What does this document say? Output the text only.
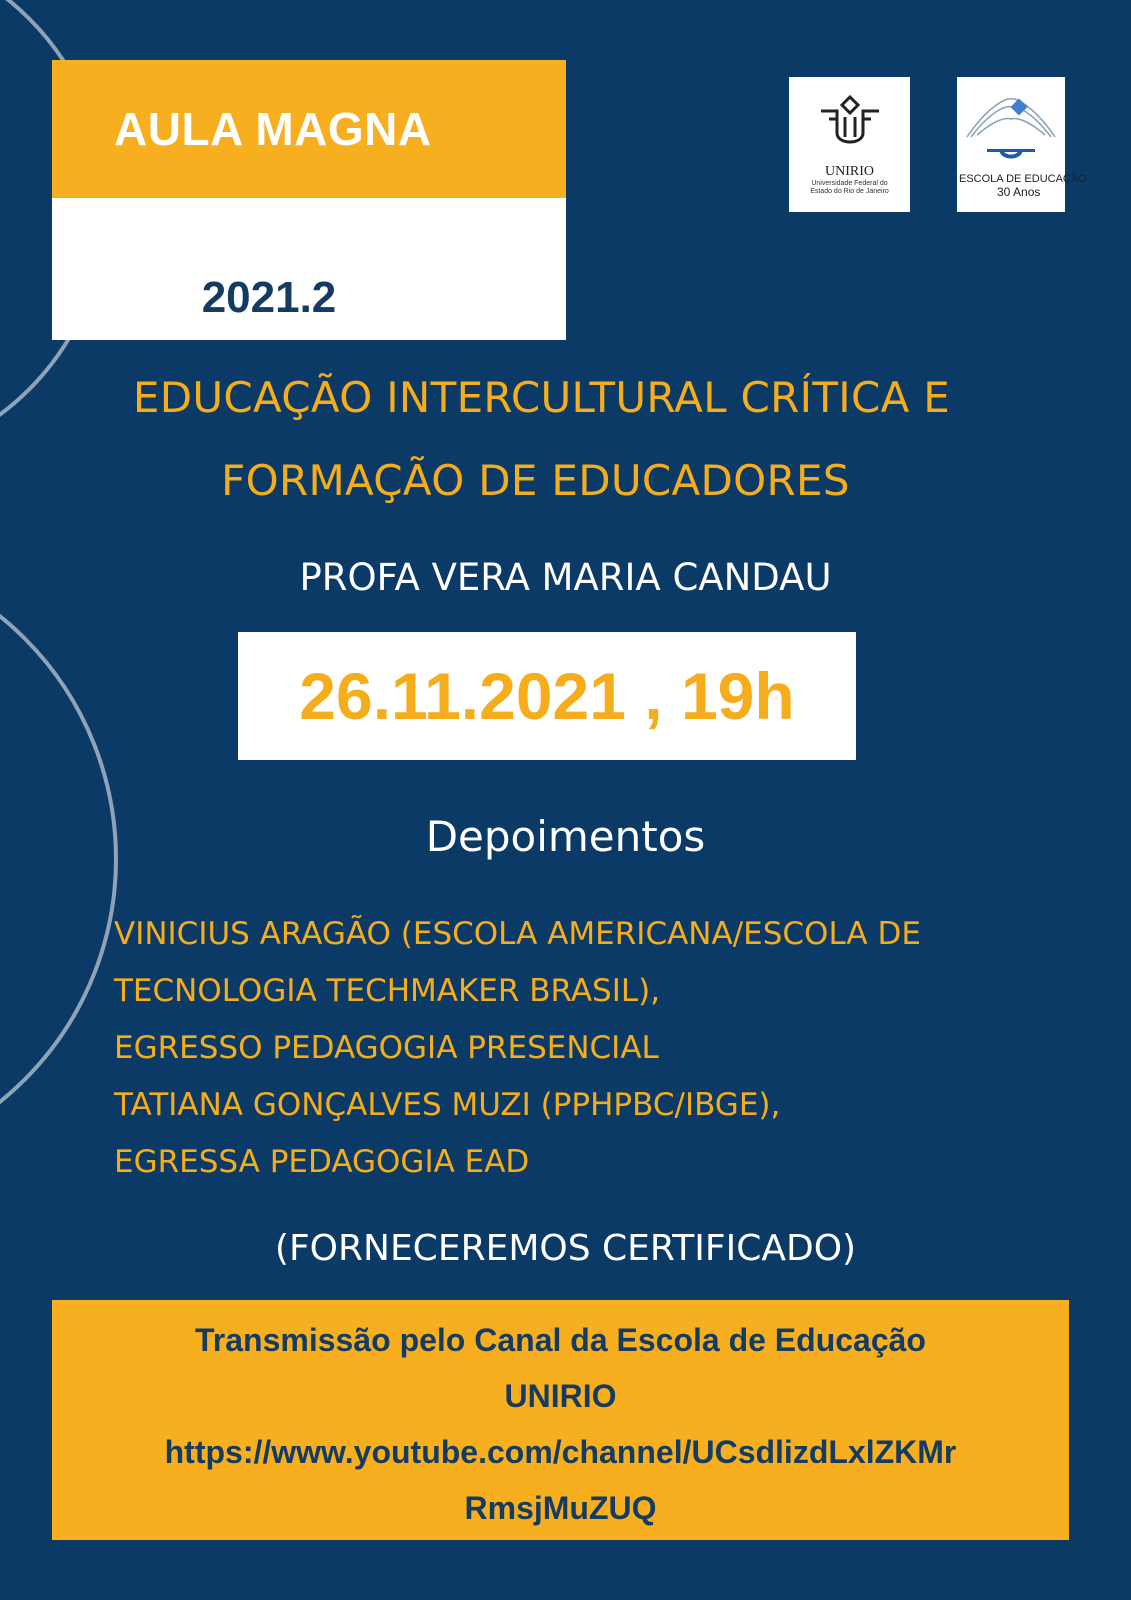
AULA MAGNA
2021.2
UNIRIO
Universidade Federal do
Estado do Rio de Janeiro
ESCOLA DE EDUCAÇÃO
30 Anos
EDUCAÇÃO INTERCULTURAL CRÍTICA E
FORMAÇÃO DE EDUCADORES
PROFA VERA MARIA CANDAU
26.11.2021 , 19h
Depoimentos
VINICIUS ARAGÃO (ESCOLA AMERICANA/ESCOLA DE
TECNOLOGIA TECHMAKER BRASIL),
EGRESSO PEDAGOGIA PRESENCIAL
TATIANA GONÇALVES MUZI (PPHPBC/IBGE),
EGRESSA PEDAGOGIA EAD
(FORNECEREMOS CERTIFICADO)
Transmissão pelo Canal da Escola de Educação
UNIRIO
https://www.youtube.com/channel/UCsdlizdLxlZKMr
RmsjMuZUQ
